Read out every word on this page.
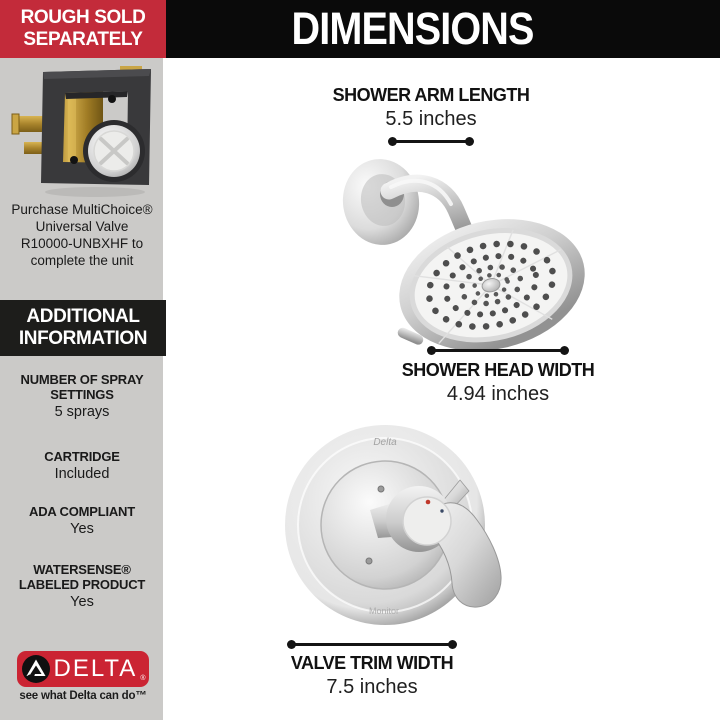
ROUGH SOLD
SEPARATELY
Purchase MultiChoice®
Universal Valve
R10000-UNBXHF to
complete the unit
ADDITIONAL
INFORMATION
NUMBER OF SPRAY SETTINGS
5 sprays
CARTRIDGE
Included
ADA COMPLIANT
Yes
WATERSENSE® LABELED PRODUCT
Yes
DELTA ®
see what Delta can do™
DIMENSIONS
SHOWER ARM LENGTH
5.5 inches
SHOWER HEAD WIDTH
4.94 inches
Delta
Monitor
VALVE TRIM WIDTH
7.5 inches
